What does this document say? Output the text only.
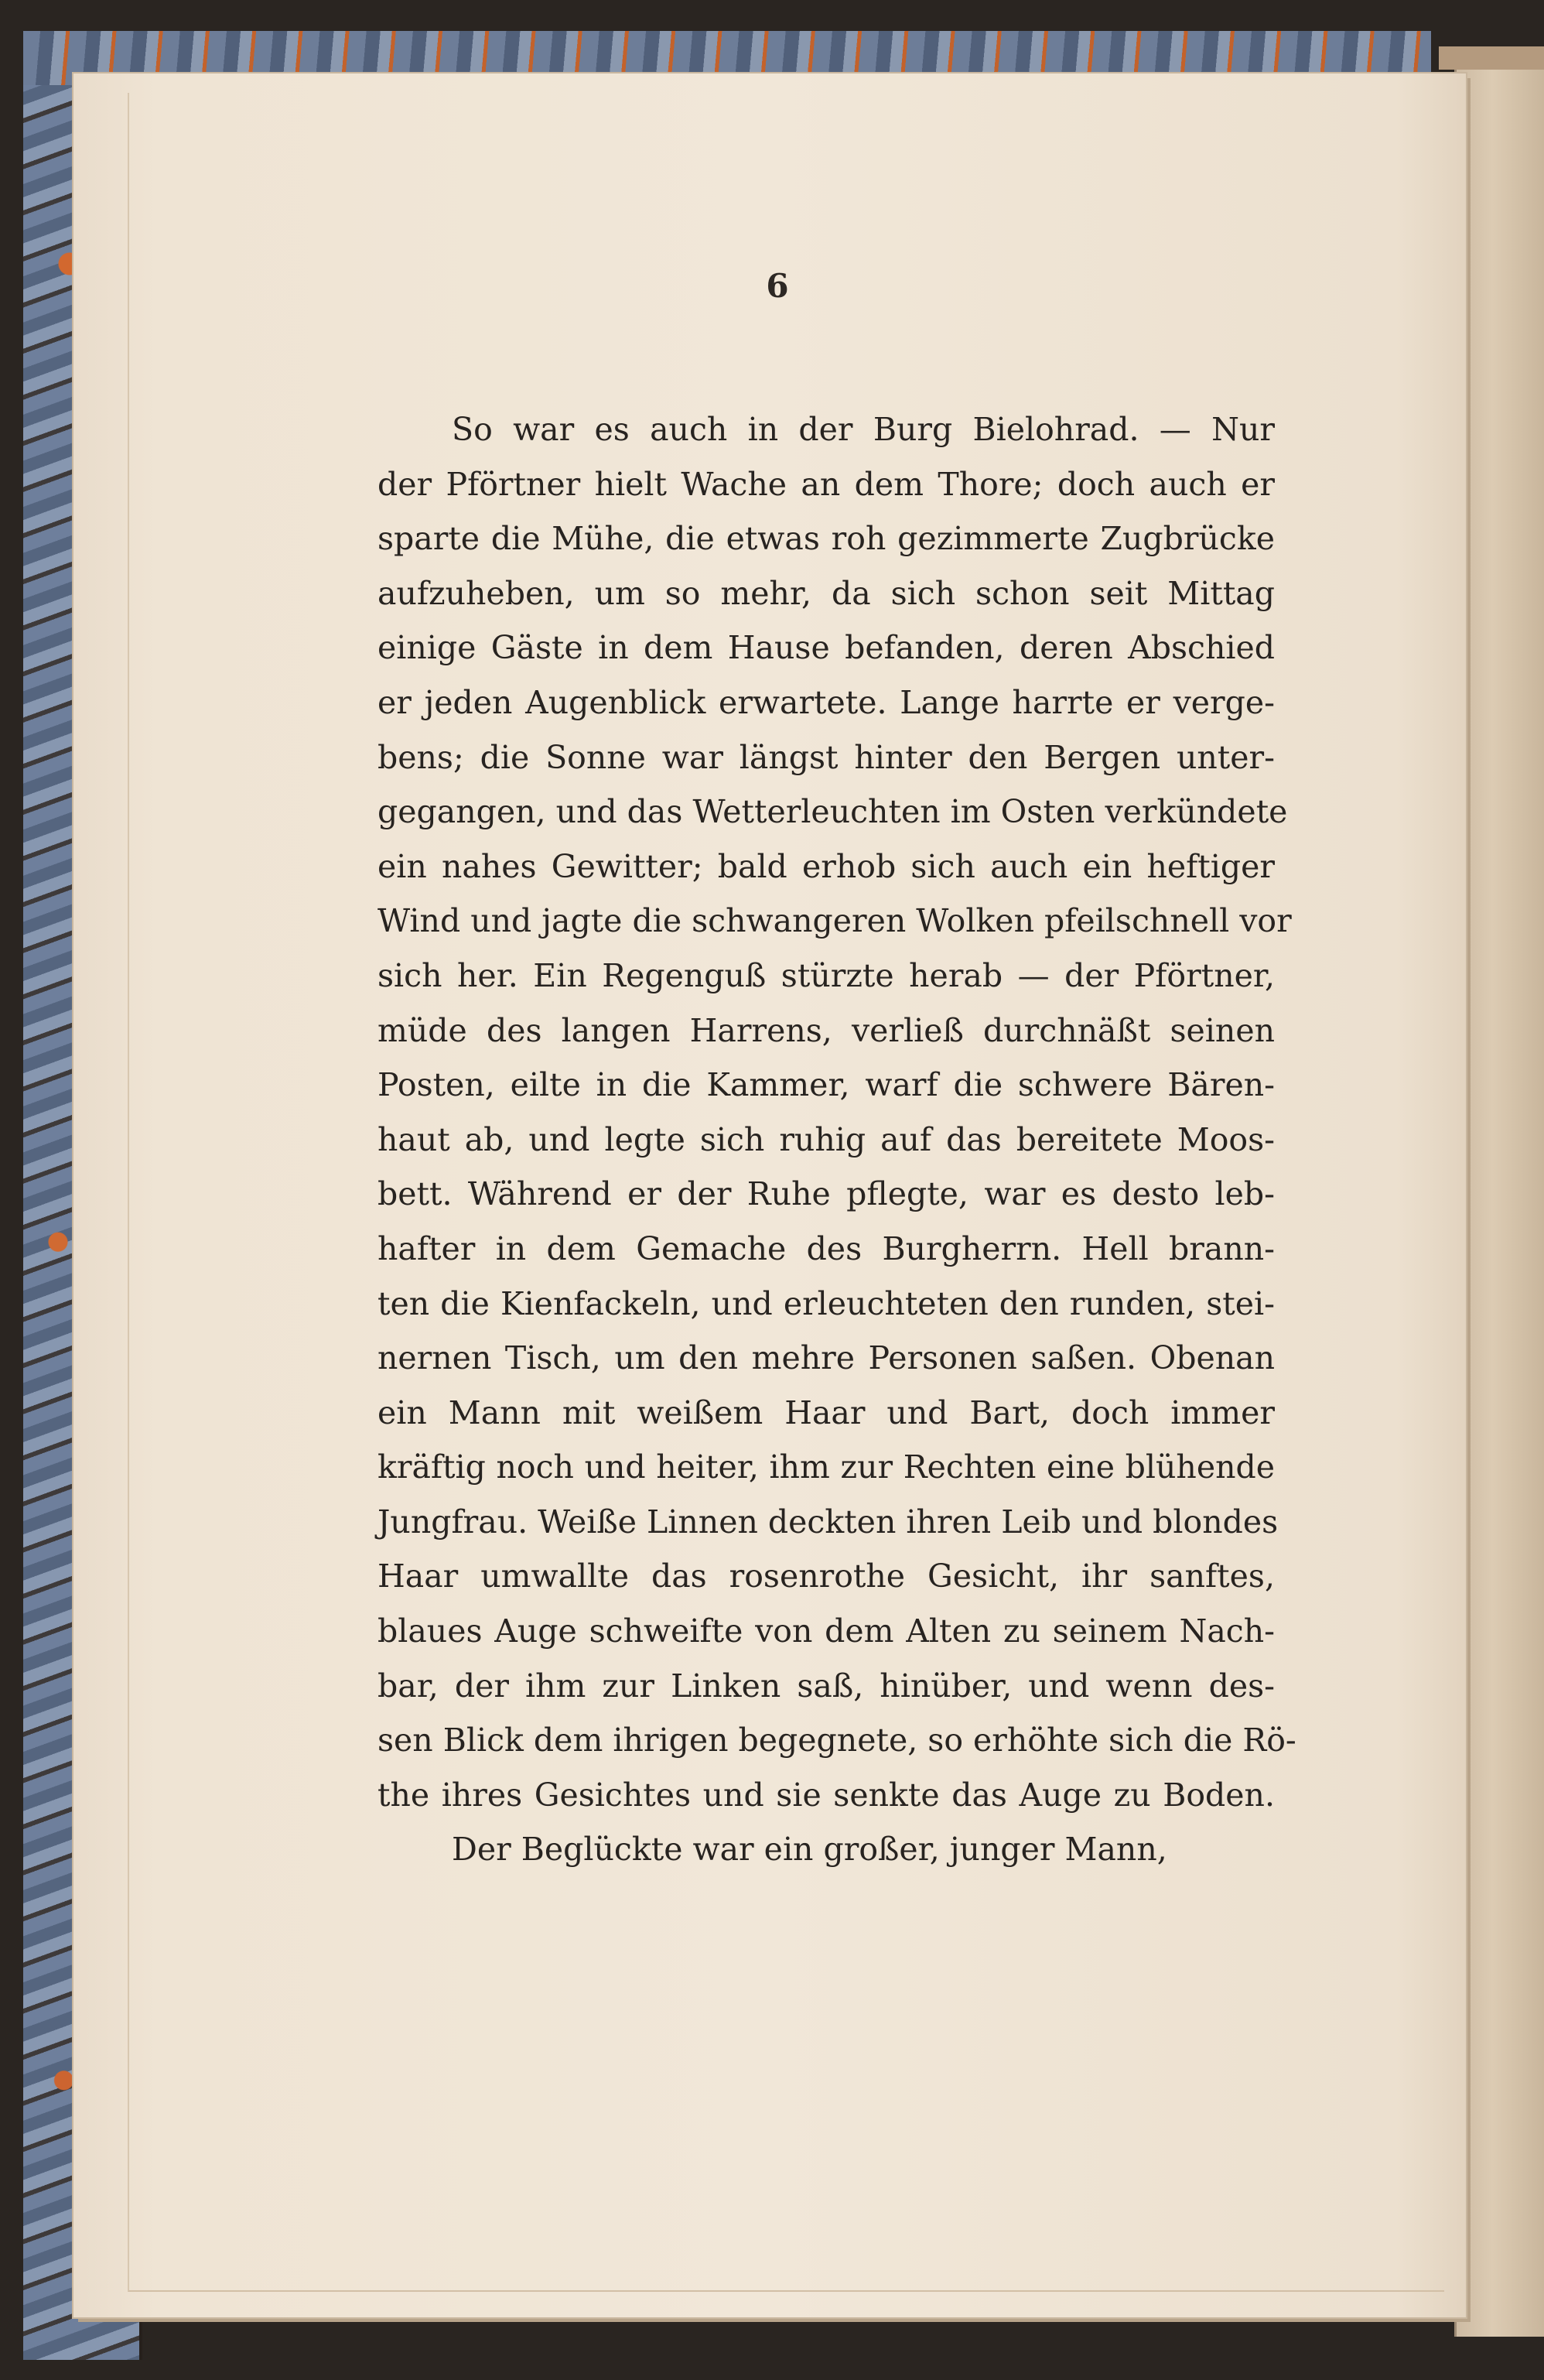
6
So war es auch in der Burg Bielohrad. — Nur
der Pförtner hielt Wache an dem Thore; doch auch er
sparte die Mühe, die etwas roh gezimmerte Zugbrücke
aufzuheben, um so mehr, da sich schon seit Mittag
einige Gäste in dem Hause befanden, deren Abschied
er jeden Augenblick erwartete. Lange harrte er verge-
bens; die Sonne war längst hinter den Bergen unter-
gegangen, und das Wetterleuchten im Osten verkündete
ein nahes Gewitter; bald erhob sich auch ein heftiger
Wind und jagte die schwangeren Wolken pfeilschnell vor
sich her. Ein Regenguß stürzte herab — der Pförtner,
müde des langen Harrens, verließ durchnäßt seinen
Posten, eilte in die Kammer, warf die schwere Bären-
haut ab, und legte sich ruhig auf das bereitete Moos-
bett. Während er der Ruhe pflegte, war es desto leb-
hafter in dem Gemache des Burgherrn. Hell brann-
ten die Kienfackeln, und erleuchteten den runden, stei-
nernen Tisch, um den mehre Personen saßen. Obenan
ein Mann mit weißem Haar und Bart, doch immer
kräftig noch und heiter, ihm zur Rechten eine blühende
Jungfrau. Weiße Linnen deckten ihren Leib und blondes
Haar umwallte das rosenrothe Gesicht, ihr sanftes,
blaues Auge schweifte von dem Alten zu seinem Nach-
bar, der ihm zur Linken saß, hinüber, und wenn des-
sen Blick dem ihrigen begegnete, so erhöhte sich die Rö-
the ihres Gesichtes und sie senkte das Auge zu Boden.
Der Beglückte war ein großer, junger Mann,
